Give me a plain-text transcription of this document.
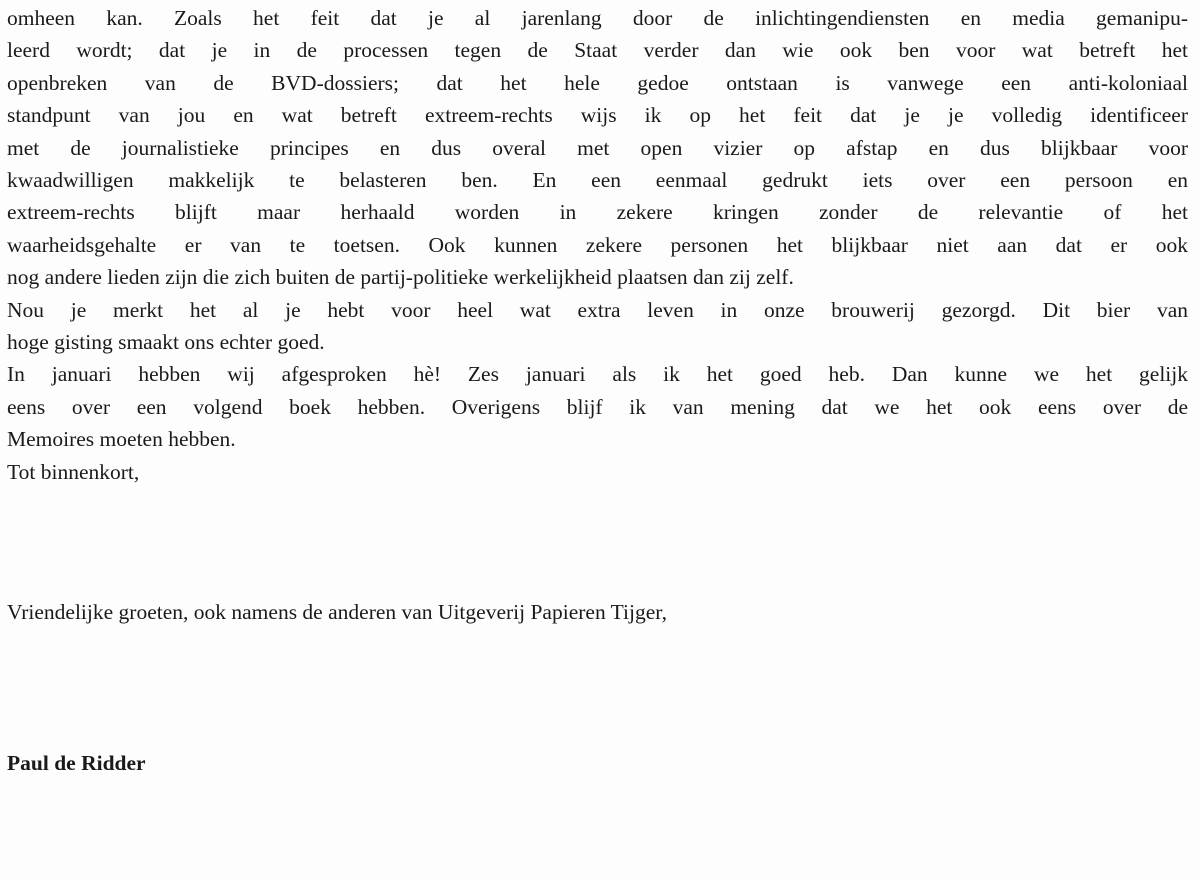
omheen kan. Zoals het feit dat je al jarenlang door de inlichtingendiensten en media gemanipu-
leerd wordt; dat je in de processen tegen de Staat verder dan wie ook ben voor wat betreft het
openbreken van de BVD-dossiers; dat het hele gedoe ontstaan is vanwege een anti-koloniaal
standpunt van jou en wat betreft extreem-rechts wijs ik op het feit dat je je volledig identificeer
met de journalistieke principes en dus overal met open vizier op afstap en dus blijkbaar voor
kwaadwilligen makkelijk te belasteren ben. En een eenmaal gedrukt iets over een persoon en
extreem-rechts blijft maar herhaald worden in zekere kringen zonder de relevantie of het
waarheidsgehalte er van te toetsen. Ook kunnen zekere personen het blijkbaar niet aan dat er ook
nog andere lieden zijn die zich buiten de partij-politieke werkelijkheid plaatsen dan zij zelf.
Nou je merkt het al je hebt voor heel wat extra leven in onze brouwerij gezorgd. Dit bier van
hoge gisting smaakt ons echter goed.
In januari hebben wij afgesproken hè! Zes januari als ik het goed heb. Dan kunne we het gelijk
eens over een volgend boek hebben. Overigens blijf ik van mening dat we het ook eens over de
Memoires moeten hebben.
Tot binnenkort,
Vriendelijke groeten, ook namens de anderen van Uitgeverij Papieren Tijger,
Paul de Ridder
